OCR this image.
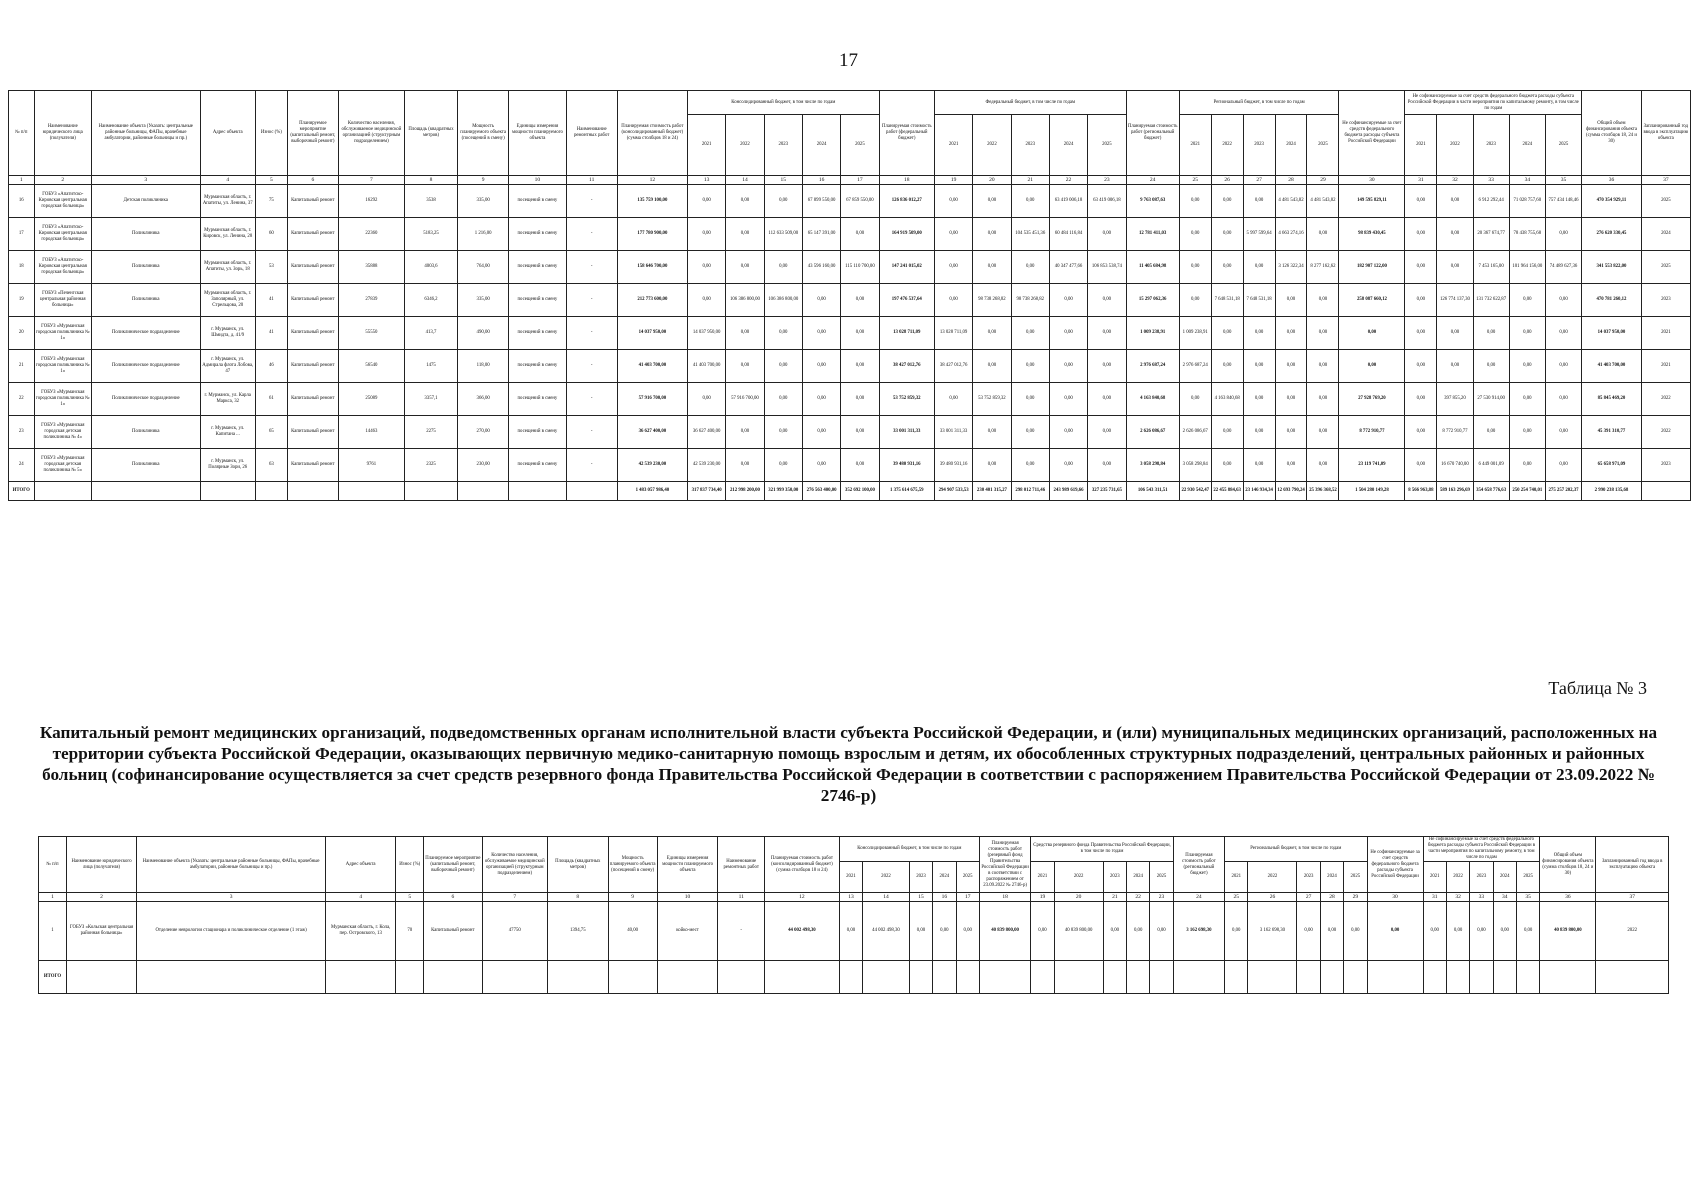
17
№ п/п	Наименование юридического лица (получателя)	Наименование объекта (Указать: центральные районные больницы, ФАПы, врачебные амбулатории, районные больницы и пр.)	Адрес объекта	Износ (%)	Планируемое мероприятие (капитальный ремонт, выборочный ремонт)	Количество населения, обслуживаемое медицинской организацией (структурным подразделением)	Площадь (квадратных метров)	Мощность планируемого объекта (посещений в смену)	Единицы измерения мощности планируемого объекта	Наименование ремонтных работ	Планируемая стоимость работ (консолидированный бюджет) (сумма столбцов 18 и 24)	Консолидированный бюджет, в том числе по годам					Планируемая стоимость работ (федеральный бюджет)	Федеральный бюджет, в том числе по годам					Планируемая стоимость работ (региональный бюджет)	Региональный бюджет, в том числе по годам					Не софинансируемые за счет средств федерального бюджета расходы субъекта Российской Федерации	Не софинансируемые за счет средств федерального бюджета расходы субъекта Российской Федерации в части мероприятия по капитальному ремонту, в том числе по годам					Общий объем финансирования объекта (сумма столбцов 18, 24 и 30)	Запланированный год ввода в эксплуатацию объекта
												2021	2022	2023	2024	2025		2021	2022	2023	2024	2025		2021	2022	2023	2024	2025		2021	2022	2023	2024	2025		
1	2	3	4	5	6	7	8	9	10	11	12	13	14	15	16	17	18	19	20	21	22	23	24	25	26	27	28	29	30	31	32	33	34	35	36	37
16	ГОБУЗ «Апатитско-Кировская центральная городская больница»	Детская поликлиника	Мурманская область, г. Апатиты, ул. Ленина, 37	75	Капитальный ремонт	16292	3538	335,00	посещений в смену	-	135 759 100,00	0,00	0,00	0,00	67 899 550,00	67 859 550,00	126 836 012,27	0,00	0,00	0,00	63 419 006,18	63 419 006,18	9 763 087,63	0,00	0,00	0,00	4 481 543,82	4 481 543,82	149 595 829,11	0,00	0,00	6 912 292,44	71 028 757,60	757 434 148,46	470 354 929,11	2025
17	ГОБУЗ «Апатитско-Кировская центральная городская больница»	Поликлиника	Мурманская область, г. Кировск, ул. Ленина, 28	60	Капитальный ремонт	22360	5183,25	1 216,00	посещений в смену	-	177 780 900,00	0,00	0,00	112 633 509,00	65 147 391,00	0,00	164 919 509,00	0,00	0,00	104 535 451,36	60 484 116,84	0,00	12 781 411,03	0,00	0,00	5 997 599,64	4 663 274,16	0,00	98 839 430,45	0,00	0,00	20 367 674,77	78 438 755,68	0,00	276 620 330,45	2024
18	ГОБУЗ «Апатитско-Кировская центральная городская больница»	Поликлиника	Мурманская область, г. Апатиты, ул. Зорь, 18	53	Капитальный ремонт	35888	4003,6	764,00	посещений в смену	-	158 646 700,00	0,00	0,00	0,00	43 596 160,00	115 110 700,00	147 241 015,02	0,00	0,00	0,00	40 347 477,66	106 853 538,74	11 405 684,98	0,00	0,00	0,00	3 126 322,34	8 277 162,62	182 907 122,00	0,00	0,00	7 453 165,00	101 964 156,00	74 489 627,36	341 553 822,00	2025
19	ГОБУЗ «Печенгская центральная районная больница»	Поликлиника	Мурманская область, г. Заполярный, ул. Стрельцова, 20	41	Капитальный ремонт	27839	6346,2	335,00	посещений в смену	-	212 773 600,00	0,00	106 386 800,00	106 386 800,00	0,00	0,00	197 476 537,64	0,00	98 738 268,82	98 738 268,82	0,00	0,00	15 297 062,36	0,00	7 648 531,18	7 648 531,18	0,00	0,00	258 087 660,12	0,00	126 774 137,30	131 732 622,87	0,00	0,00	470 781 260,12	2023
20	ГОБУЗ «Мурманская городская поликлиника № 1»	Поликлиническое подразделение	г. Мурманск, ул. Шмидта, д. 41/9	41	Капитальный ремонт	55550	413,7	490,00	посещений в смену	-	14 037 950,00	14 037 950,00	0,00	0,00	0,00	0,00	13 028 711,09	13 028 711,09	0,00	0,00	0,00	0,00	1 009 238,91	1 009 238,91	0,00	0,00	0,00	0,00	0,00	0,00	0,00	0,00	0,00	0,00	14 037 950,00	2021
21	ГОБУЗ «Мурманская городская поликлиника № 1»	Поликлиническое подразделение	г. Мурманск, ул. Адмирала флота Лобова, 47	46	Капитальный ремонт	56540	1475	118,00	посещений в смену	-	41 403 700,00	41 403 700,00	0,00	0,00	0,00	0,00	38 427 012,76	38 427 012,76	0,00	0,00	0,00	0,00	2 976 687,24	2 976 687,24	0,00	0,00	0,00	0,00	0,00	0,00	0,00	0,00	0,00	0,00	41 403 700,00	2021
22	ГОБУЗ «Мурманская городская поликлиника № 1»	Поликлиническое подразделение	г. Мурманск, ул. Карла Маркса, 32	61	Капитальный ремонт	25089	3357,1	366,00	посещений в смену	-	57 916 700,00	0,00	57 916 700,00	0,00	0,00	0,00	53 752 859,32	0,00	53 752 859,32	0,00	0,00	0,00	4 163 840,68	0,00	4 163 840,68	0,00	0,00	0,00	27 928 769,20	0,00	397 855,20	27 530 914,00	0,00	0,00	85 845 469,20	2022
23	ГОБУЗ «Мурманская городская детская поликлиника № 4»	Поликлиника	г. Мурманск, ул. Капитана ...	65	Капитальный ремонт	14463	2275	270,00	посещений в смену	-	36 627 400,00	36 627 400,00	0,00	0,00	0,00	0,00	33 001 311,33	33 001 311,33	0,00	0,00	0,00	0,00	2 626 086,67	2 626 086,67	0,00	0,00	0,00	0,00	8 772 910,77	0,00	8 772 910,77	0,00	0,00	0,00	45 391 310,77	2022
24	ГОБУЗ «Мурманская городская детская поликлиника № 5»	Поликлиника	г. Мурманск, ул. Полярные Зори, 26	63	Капитальный ремонт	9761	2325	230,00	посещений в смену	-	42 539 230,00	42 539 230,00	0,00	0,00	0,00	0,00	39 480 931,16	39 480 931,16	0,00	0,00	0,00	0,00	3 058 298,84	3 058 298,84	0,00	0,00	0,00	0,00	23 119 741,09	0,00	16 670 740,00	6 449 001,09	0,00	0,00	65 658 971,09	2023
ИТОГО											1 483 057 986,40	317 837 734,40	212 998 200,00	321 999 350,00	276 563 400,00	352 692 100,00	1 375 614 675,59	294 907 533,53	230 401 315,27	298 012 711,46	243 989 619,66	327 235 731,65	106 543 311,51	22 930 542,47	22 455 884,63	23 146 934,34	12 693 790,24	25 396 368,52	1 504 280 149,28	8 566 963,88	589 163 296,69	354 658 776,63	250 254 740,01	275 257 202,37	2 990 238 135,68	
Таблица № 3
Капитальный ремонт медицинских организаций, подведомственных органам исполнительной власти субъекта Российской Федерации, и (или) муниципальных медицинских организаций, расположенных на территории субъекта Российской Федерации, оказывающих первичную медико-санитарную помощь взрослым и детям, их обособленных структурных подразделений, центральных районных и районных больниц (софинансирование осуществляется за счет средств резервного фонда Правительства Российской Федерации в соответствии с распоряжением Правительства Российской Федерации от 23.09.2022 № 2746-р)
№ п/п	Наименование юридического лица (получателя)	Наименование объекта (Указать: центральные районные больницы, ФАПы, врачебные амбулатории, районные больницы и пр.)	Адрес объекта	Износ (%)	Планируемое мероприятие (капитальный ремонт, выборочный ремонт)	Количество населения, обслуживаемое медицинской организацией (структурным подразделением)	Площадь (квадратных метров)	Мощность планируемого объекта (посещений в смену)	Единицы измерения мощности планируемого объекта	Наименование ремонтных работ	Планируемая стоимость работ (консолидированный бюджет) (сумма столбцов 18 и 24)	Консолидированный бюджет, в том числе по годам					Планируемая стоимость работ (резервный фонд Правительства Российской Федерации в соответствии с распоряжением от 23.09.2022 № 2746-р)	Средства резервного фонда Правительства Российской Федерации, в том числе по годам					Планируемая стоимость работ (региональный бюджет)	Региональный бюджет, в том числе по годам					Не софинансируемые за счет средств федерального бюджета расходы субъекта Российской Федерации	Не софинансируемые за счет средств федерального бюджета расходы субъекта Российской Федерации в части мероприятия по капитальному ремонту, в том числе по годам					Общий объем финансирования объекта (сумма столбцов 18, 24 и 30)	Запланированный год ввода в эксплуатацию объекта
												2021	2022	2023	2024	2025		2021	2022	2023	2024	2025		2021	2022	2023	2024	2025		2021	2022	2023	2024	2025		
1	2	3	4	5	6	7	8	9	10	11	12	13	14	15	16	17	18	19	20	21	22	23	24	25	26	27	28	29	30	31	32	33	34	35	36	37
1	ГОБУЗ «Кольская центральная районная больница»	Отделение неврологии стационара и поликлиническое отделение (1 этаж)	Мурманская область, г. Кола, пер. Островского, 13	70	Капитальный ремонт	47750	1394,75	40,00	койко-мест	-	44 002 498,30	0,00	44 002 498,30	0,00	0,00	0,00	40 839 800,00	0,00	40 839 800,00	0,00	0,00	0,00	3 162 698,30	0,00	3 162 698,30	0,00	0,00	0,00	0,00	0,00	0,00	0,00	0,00	0,00	40 839 800,00	2022
ИТОГО																																				
